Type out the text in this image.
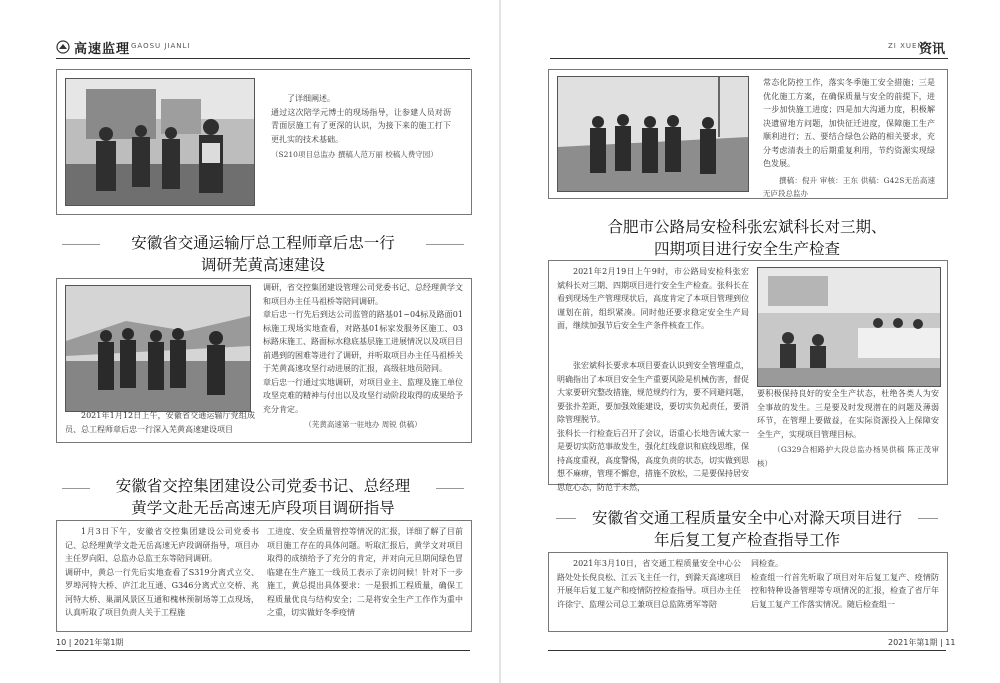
高速监理 GAOSU JIANLI

了详细阐述。
通过这次陪学元博士的现场指导，让参建人员对沥青面层施工有了更深的认识，为接下来的施工打下更扎实的技术基础。

（S210项目总监办 撰稿人范万丽 校稿人费守园）
安徽省交通运输厅总工程师章后忠一行
调研芜黄高速建设

调研，省交控集团建设管理公司党委书记、总经理黄学文和项目办主任马祖桥等陪同调研。
章后忠一行先后到达公司监管的路基01~04标及路面01标施工现场实地查看，对路基01标家发服务区施工、03标路床施工、路面标水稳底基层施工进展情况以及项目目前遇到的困难等进行了调研，并听取项目办主任马祖桥关于芜黄高速攻坚行动进展的汇报，高级驻地员陪同。
章后忠一行通过实地调研，对项目业主、监理及施工单位攻坚克难的精神与付出以及攻坚行动阶段取得的成果给予充分肯定。

（芜黄高速第一驻地办 周锐 供稿）

2021年1月12日上午，安徽省交通运输厅党组成员、总工程师章后忠一行深入芜黄高速建设项目

安徽省交控集团建设公司党委书记、总经理
黄学文赴无岳高速无庐段项目调研指导

1月3日下午，安徽省交控集团建设公司党委书记、总经理黄学文赴无岳高速无庐段调研指导，项目办主任罗向阳、总监办总监王东等陪同调研。
调研中，黄总一行先后实地查看了S319分离式立交、罗埠河特大桥、庐江北互通、G346分离式立交桥、兆河特大桥、巢湖风景区互通和槐林预制场等工点现场，认真听取了项目负责人关于工程施

工进度、安全质量管控等情况的汇报，详细了解了目前项目施工存在的具体问题。听取汇报后，黄学文对项目取得的成绩给予了充分的肯定，并对向元旦期间绿色冒临建在生产施工一线员工表示了亲切问候！针对下一步施工，黄总提出具体要求：一是狠抓工程质量，确保工程质量优良与结构安全；二是将安全生产工作作为重中之重，切实做好冬季疫情

10 | 2021年第1期
ZI XUEN
资讯

常态化防控工作，落实冬季施工安全措施；三是优化施工方案，在确保质量与安全的前提下，进一步加快施工进度；四是加大沟通力度，积极解决遗留地方问题，加快征迁进度，保障施工生产顺利进行；五、要结合绿色公路的相关要求，充分考虑清表土的后期重复利用，节约资源实现绿色发展。

撰稿：倪升 审核：王东 供稿：G42S无岳高速无庐段总监办
合肥市公路局安检科张宏斌科长对三期、
四期项目进行安全生产检查

2021年2月19日上午9时，市公路局安检科张宏斌科长对三期、四期项目进行安全生产检查。张科长在看到现场生产管理现状后，高度肯定了本项目管理到位谨划在前，组织紧凑。同时他还要求稳定安全生产局面，继续加强节后安全生产条件核查工作。

张宏斌科长要求本项目要查认识到安全管理重点，明确指出了本项目安全生产重要风险是机械伤害，督促大家要研究整改措施，规范规约行为，要不同避问题，要张扑差距，要加强效能建设，要切实负起责任，要消除管理脱节。
张科长一行检查后召开了会议，语重心长地告诫大家一是要切实防范事故发生，强化红线意识和底线思维，保持高度重视，高度警惕，高度负责的状态，切实做到思想不麻痹，管理不懈怠，措施不放松，二是要保持居安思危心态，防范于未然，

要积极保持良好的安全生产状态，杜绝各类人为安全事故的发生。三是要及时发现潜在的问题及薄弱环节，在管理上要做益，在实际资源投入上保障安全生产，实现项目管理目标。

（G329合相路护大段总监办杨昊供稿 陈正茂审核）
安徽省交通工程质量安全中心对滁天项目进行
年后复工复产检查指导工作

2021年3月10日，省交通工程质量安全中心公路处处长倪良松、江云飞主任一行，到滁天高速项目开展年后复工复产和疫情防控检查指导。项目办主任许徐宁、监理公司总工兼项目总监陈勇军等陪

同检查。
检查组一行首先听取了项目对年后复工复产、疫情防控和特种设备管理等专项情况的汇报，检查了省厅年后复工复产工作落实情况。随后检查组一

2021年第1期 | 11
